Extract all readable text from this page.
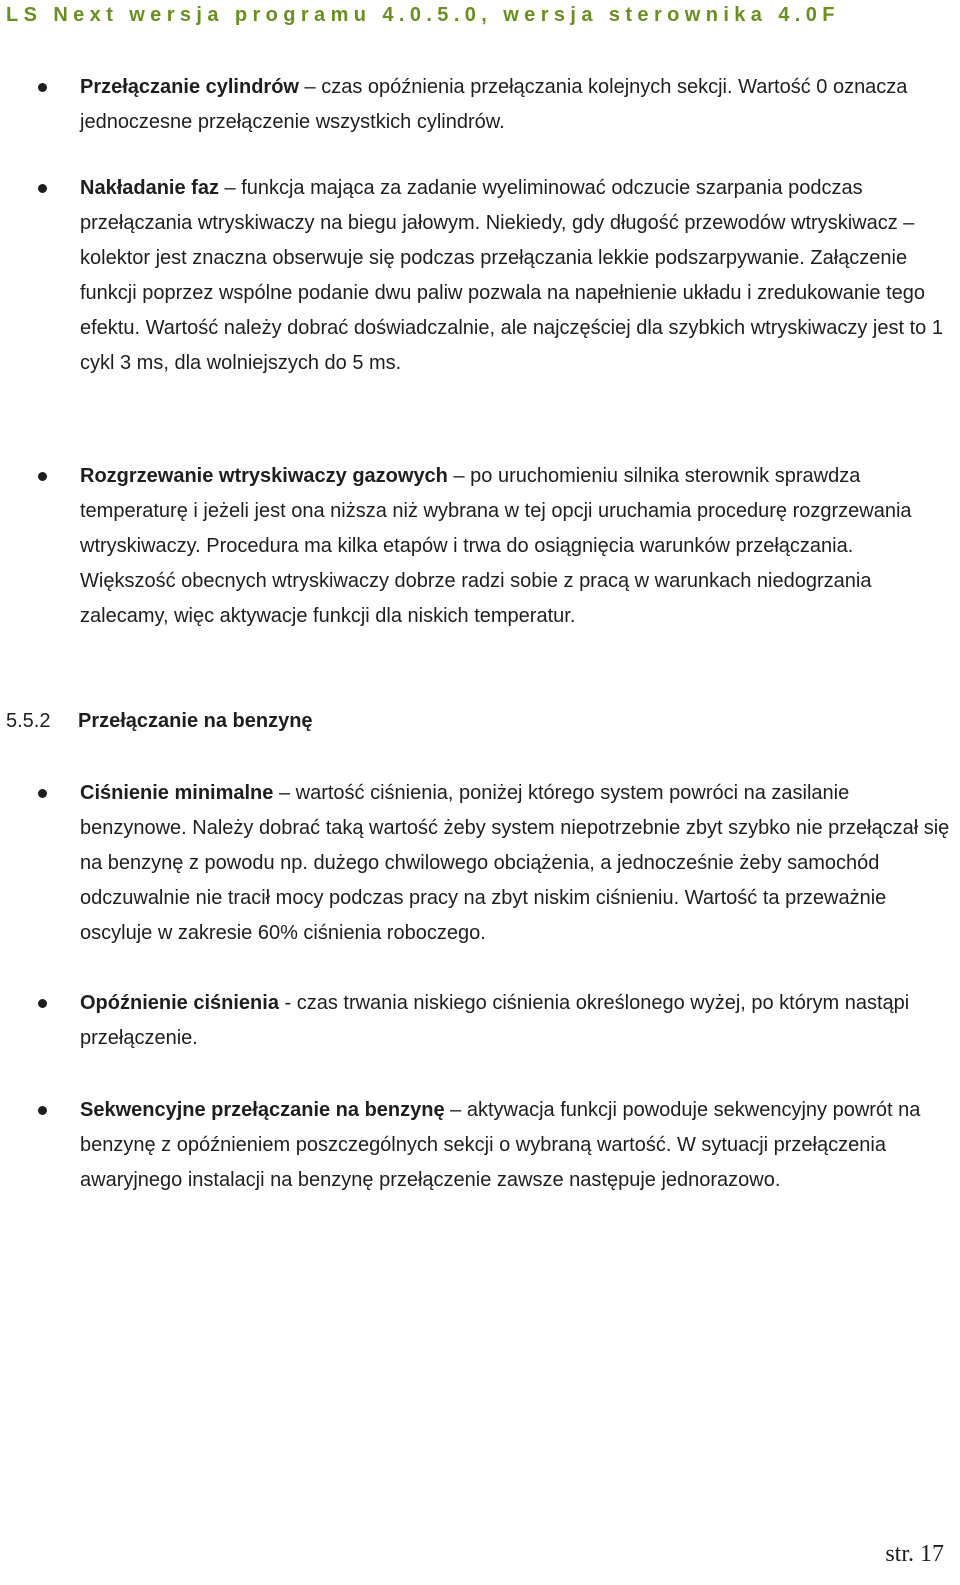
LS Next wersja programu 4.0.5.0, wersja sterownika 4.0F

Przełączanie cylindrów – czas opóźnienia przełączania kolejnych sekcji. Wartość 0 oznacza jednoczesne przełączenie wszystkich cylindrów.

Nakładanie faz – funkcja mająca za zadanie wyeliminować odczucie szarpania podczas przełączania wtryskiwaczy na biegu jałowym. Niekiedy, gdy długość przewodów wtryskiwacz – kolektor jest znaczna obserwuje się podczas przełączania lekkie podszarpywanie. Załączenie funkcji poprzez wspólne podanie dwu paliw pozwala na napełnienie układu i zredukowanie tego efektu. Wartość należy dobrać doświadczalnie, ale najczęściej dla szybkich wtryskiwaczy jest to 1 cykl 3 ms, dla wolniejszych do 5 ms.

Rozgrzewanie wtryskiwaczy gazowych – po uruchomieniu silnika sterownik sprawdza temperaturę i jeżeli jest ona niższa niż wybrana w tej opcji uruchamia procedurę rozgrzewania wtryskiwaczy. Procedura ma kilka etapów i trwa do osiągnięcia warunków przełączania. Większość obecnych wtryskiwaczy dobrze radzi sobie z pracą w warunkach niedogrzania zalecamy, więc aktywacje funkcji dla niskich temperatur.

5.5.2 Przełączanie na benzynę

Ciśnienie minimalne – wartość ciśnienia, poniżej którego system powróci na zasilanie benzynowe. Należy dobrać taką wartość żeby system niepotrzebnie zbyt szybko nie przełączał się na benzynę z powodu np. dużego chwilowego obciążenia, a jednocześnie żeby samochód odczuwalnie nie tracił mocy podczas pracy na zbyt niskim ciśnieniu. Wartość ta przeważnie oscyluje w zakresie 60% ciśnienia roboczego.

Opóźnienie ciśnienia - czas trwania niskiego ciśnienia określonego wyżej, po którym nastąpi przełączenie.

Sekwencyjne przełączanie na benzynę – aktywacja funkcji powoduje sekwencyjny powrót na benzynę z opóźnieniem poszczególnych sekcji o wybraną wartość. W sytuacji przełączenia awaryjnego instalacji na benzynę przełączenie zawsze następuje jednorazowo.

str. 17
